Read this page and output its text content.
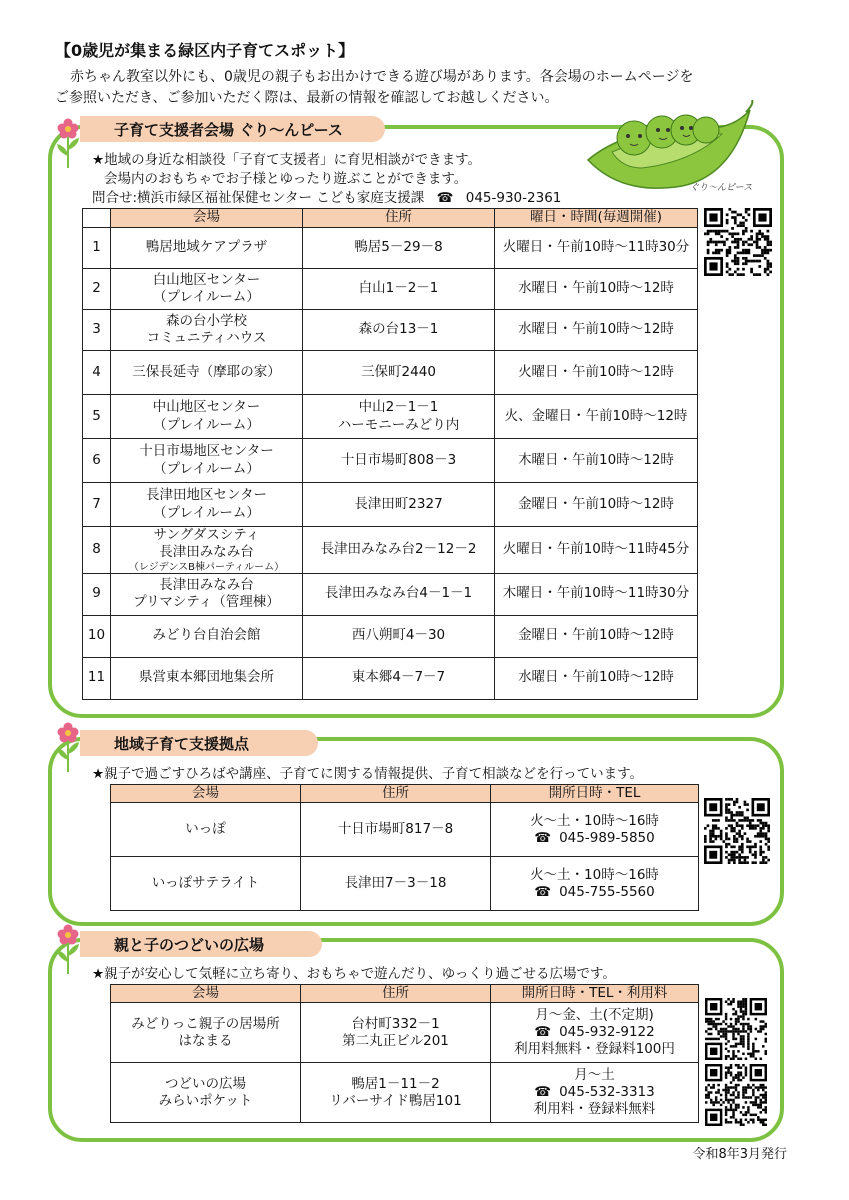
【0歳児が集まる緑区内子育てスポット】
赤ちゃん教室以外にも、0歳児の親子もお出かけできる遊び場があります。各会場のホームページを
ご参照いただき、ご参加いただく際は、最新の情報を確認してお越しください。
子育て支援者会場 ぐり～んピース
ぐり～んピース
★地域の身近な相談役「子育て支援者」に育児相談ができます。
会場内のおもちゃでお子様とゆったり遊ぶことができます。
問合せ:横浜市緑区福祉保健センター こども家庭支援課 ☎ 045-930-2361
	会場	住所	曜日・時間(毎週開催)
1	鴨居地域ケアプラザ	鴨居5－29－8	火曜日・午前10時～11時30分
2	白山地区センター
（プレイルーム）	白山1－2－1	水曜日・午前10時～12時
3	森の台小学校
コミュニティハウス	森の台13－1	水曜日・午前10時～12時
4	三保長延寺（摩耶の家）	三保町2440	火曜日・午前10時～12時
5	中山地区センター
（プレイルーム）	中山2－1－1
ハーモニーみどり内	火、金曜日・午前10時～12時
6	十日市場地区センター
（プレイルーム）	十日市場町808－3	木曜日・午前10時～12時
7	長津田地区センター
（プレイルーム）	長津田町2327	金曜日・午前10時～12時
8	サングダスシティ
長津田みなみ台
（レジデンスB棟パーティルーム）	長津田みなみ台2－12－2	火曜日・午前10時～11時45分
9	長津田みなみ台
プリマシティ（管理棟）	長津田みなみ台4－1－1	木曜日・午前10時～11時30分
10	みどり台自治会館	西八朔町4－30	金曜日・午前10時～12時
11	県営東本郷団地集会所	東本郷4－7－7	水曜日・午前10時～12時
地域子育て支援拠点
★親子で過ごすひろばや講座、子育てに関する情報提供、子育て相談などを行っています。
会場	住所	開所日時・TEL
いっぽ	十日市場町817－8	火～土・10時～16時
☎ 045-989-5850

いっぽサテライト	長津田7－3－18	火～土・10時～16時
☎ 045-755-5560
親と子のつどいの広場
★親子が安心して気軽に立ち寄り、おもちゃで遊んだり、ゆっくり過ごせる広場です。
会場	住所	開所日時・TEL・利用料

みどりっこ親子の居場所
はなまる	台村町332－1
第二丸正ビル201	月～金、土(不定期)
☎ 045-932-9122
利用料無料・登録料100円

つどいの広場
みらいポケット	鴨居1－11－2
リバーサイド鴨居101	月～土
☎ 045-532-3313
利用料・登録料無料
令和8年3月発行
